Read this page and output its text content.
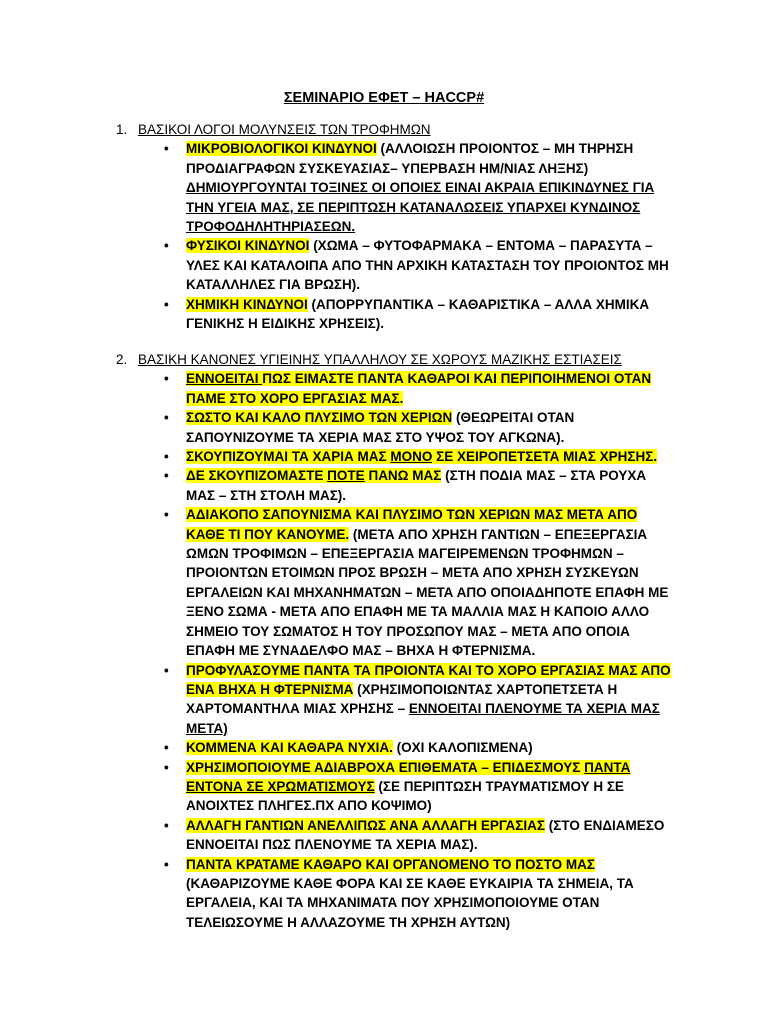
ΣΕΜΙΝΑΡΙΟ ΕΦΕΤ – HACCP#
1. ΒΑΣΙΚΟΙ ΛΟΓΟΙ ΜΟΛΥΝΣΕΙΣ ΤΩΝ ΤΡΟΦΗΜΩΝ
• ΜΙΚΡΟΒΙΟΛΟΓΙΚΟΙ ΚΙΝΔΥΝΟΙ (ΑΛΛΟΙΩΣΗ ΠΡΟΙΟΝΤΟΣ – ΜΗ ΤΗΡΗΣΗ ΠΡΟΔΙΑΓΡΑΦΩΝ ΣΥΣΚΕΥΑΣΙΑΣ– ΥΠΕΡΒΑΣΗ ΗΜ/ΝΙΑΣ ΛΗΞΗΣ) ΔΗΜΙΟΥΡΓΟΥΝΤΑΙ ΤΟΞΙΝΕΣ ΟΙ ΟΠΟΙΕΣ ΕΙΝΑΙ ΑΚΡΑΙΑ ΕΠΙΚΙΝΔΥΝΕΣ ΓΙΑ ΤΗΝ ΥΓΕΙΑ ΜΑΣ, ΣΕ ΠΕΡΙΠΤΩΣΗ ΚΑΤΑΝΑΛΩΣΕΙΣ ΥΠΑΡΧΕΙ ΚΥΝΔΙΝΟΣ ΤΡΟΦΟΔΗΛΗΤΗΡΙΑΣΕΩΝ.
• ΦΥΣΙΚΟΙ ΚΙΝΔΥΝΟΙ (ΧΩΜΑ – ΦΥΤΟΦΑΡΜΑΚΑ – ΕΝΤΟΜΑ – ΠΑΡΑΣΥΤΑ – ΥΛΕΣ ΚΑΙ ΚΑΤΑΛΟΙΠΑ ΑΠΟ ΤΗΝ ΑΡΧΙΚΗ ΚΑΤΑΣΤΑΣΗ ΤΟΥ ΠΡΟΙΟΝΤΟΣ ΜΗ ΚΑΤΑΛΛΗΛΕΣ ΓΙΑ ΒΡΩΣΗ).
• ΧΗΜΙΚΗ ΚΙΝΔΥΝΟΙ (ΑΠΟΡΡΥΠΑΝΤΙΚΑ – ΚΑΘΑΡΙΣΤΙΚΑ – ΑΛΛΑ ΧΗΜΙΚΑ ΓΕΝΙΚΗΣ Η ΕΙΔΙΚΗΣ ΧΡΗΣΕΙΣ).
2. ΒΑΣΙΚΗ ΚΑΝΟΝΕΣ ΥΓΙΕΙΝΗΣ ΥΠΑΛΛΗΛΟΥ ΣΕ ΧΩΡΟΥΣ ΜΑΖΙΚΗΣ ΕΣΤΙΑΣΕΙΣ
• ΕΝΝΟΕΙΤΑΙ ΠΩΣ ΕΙΜΑΣΤΕ ΠΑΝΤΑ ΚΑΘΑΡΟΙ ΚΑΙ ΠΕΡΙΠΟΙΗΜΕΝΟΙ ΟΤΑΝ ΠΑΜΕ ΣΤΟ ΧΟΡΟ ΕΡΓΑΣΙΑΣ ΜΑΣ.
• ΣΩΣΤΟ ΚΑΙ ΚΑΛΟ ΠΛΥΣΙΜΟ ΤΩΝ ΧΕΡΙΩΝ (ΘΕΩΡΕΙΤΑΙ ΟΤΑΝ ΣΑΠΟΥΝΙΖΟΥΜΕ ΤΑ ΧΕΡΙΑ ΜΑΣ ΣΤΟ ΥΨΟΣ ΤΟΥ ΑΓΚΩΝΑ).
• ΣΚΟΥΠΙΖΟΥΜΑΙ ΤΑ ΧΑΡΙΑ ΜΑΣ ΜΟΝΟ ΣΕ ΧΕΙΡΟΠΕΤΣΕΤΑ ΜΙΑΣ ΧΡΗΣΗΣ.
• ΔΕ ΣΚΟΥΠΙΖΟΜΑΣΤΕ ΠΟΤΕ ΠΑΝΩ ΜΑΣ (ΣΤΗ ΠΟΔΙΑ ΜΑΣ – ΣΤΑ ΡΟΥΧΑ ΜΑΣ – ΣΤΗ ΣΤΟΛΗ ΜΑΣ).
• ΑΔΙΑΚΟΠΟ ΣΑΠΟΥΝΙΣΜΑ ΚΑΙ ΠΛΥΣΙΜΟ ΤΩΝ ΧΕΡΙΩΝ ΜΑΣ ΜΕΤΑ ΑΠΟ ΚΑΘΕ ΤΙ ΠΟΥ ΚΑΝΟΥΜΕ. (ΜΕΤΑ ΑΠΟ ΧΡΗΣΗ ΓΑΝΤΙΩΝ – ΕΠΕΞΕΡΓΑΣΙΑ ΩΜΩΝ ΤΡΟΦΙΜΩΝ – ΕΠΕΞΕΡΓΑΣΙΑ ΜΑΓΕΙΡΕΜΕΝΩΝ ΤΡΟΦΗΜΩΝ – ΠΡΟΙΟΝΤΩΝ ΕΤΟΙΜΩΝ ΠΡΟΣ ΒΡΩΣΗ – ΜΕΤΑ ΑΠΟ ΧΡΗΣΗ ΣΥΣΚΕΥΩΝ ΕΡΓΑΛΕΙΩΝ ΚΑΙ ΜΗΧΑΝΗΜΑΤΩΝ – ΜΕΤΑ ΑΠΟ ΟΠΟΙΑΔΗΠΟΤΕ ΕΠΑΦΗ ΜΕ ΞΕΝΟ ΣΩΜΑ - ΜΕΤΑ ΑΠΟ ΕΠΑΦΗ ΜΕ ΤΑ ΜΑΛΛΙΑ ΜΑΣ Η ΚΑΠΟΙΟ ΑΛΛΟ ΣΗΜΕΙΟ ΤΟΥ ΣΩΜΑΤΟΣ Η ΤΟΥ ΠΡΟΣΩΠΟΥ ΜΑΣ – ΜΕΤΑ ΑΠΟ ΟΠΟΙΑ ΕΠΑΦΗ ΜΕ ΣΥΝΑΔΕΛΦΟ ΜΑΣ – ΒΗΧΑ Η ΦΤΕΡΝΙΣΜΑ.
• ΠΡΟΦΥΛΑΣΟΥΜΕ ΠΑΝΤΑ ΤΑ ΠΡΟΙΟΝΤΑ ΚΑΙ ΤΟ ΧΟΡΟ ΕΡΓΑΣΙΑΣ ΜΑΣ ΑΠΟ ΕΝΑ ΒΗΧΑ Η ΦΤΕΡΝΙΣΜΑ (ΧΡΗΣΙΜΟΠΟΙΩΝΤΑΣ ΧΑΡΤΟΠΕΤΣΕΤΑ Η ΧΑΡΤΟΜΑΝΤΗΛΑ ΜΙΑΣ ΧΡΗΣΗΣ – ΕΝΝΟΕΙΤΑΙ ΠΛΕΝΟΥΜΕ ΤΑ ΧΕΡΙΑ ΜΑΣ ΜΕΤΑ)
• ΚΟΜΜΕΝΑ ΚΑΙ ΚΑΘΑΡΑ ΝΥΧΙΑ. (ΟΧΙ ΚΑΛΟΠΙΣΜΕΝΑ)
• ΧΡΗΣΙΜΟΠΟΙΟΥΜΕ ΑΔΙΑΒΡΟΧΑ ΕΠΙΘΕΜΑΤΑ – ΕΠΙΔΕΣΜΟΥΣ ΠΑΝΤΑ ΕΝΤΟΝΑ ΣΕ ΧΡΩΜΑΤΙΣΜΟΥΣ (ΣΕ ΠΕΡΙΠΤΩΣΗ ΤΡΑΥΜΑΤΙΣΜΟΥ Η ΣΕ ΑΝΟΙΧΤΕΣ ΠΛΗΓΕΣ.ΠΧ ΑΠΟ ΚΟΨΙΜΟ)
• ΑΛΛΑΓΗ ΓΑΝΤΙΩΝ ΑΝΕΛΛΙΠΩΣ ΑΝΑ ΑΛΛΑΓΗ ΕΡΓΑΣΙΑΣ (ΣΤΟ ΕΝΔΙΑΜΕΣΟ ΕΝΝΟΕΙΤΑΙ ΠΩΣ ΠΛΕΝΟΥΜΕ ΤΑ ΧΕΡΙΑ ΜΑΣ).
• ΠΑΝΤΑ ΚΡΑΤΑΜΕ ΚΑΘΑΡΟ ΚΑΙ ΟΡΓΑΝΟΜΕΝΟ ΤΟ ΠΟΣΤΟ ΜΑΣ (ΚΑΘΑΡΙΖΟΥΜΕ ΚΑΘΕ ΦΟΡΑ ΚΑΙ ΣΕ ΚΑΘΕ ΕΥΚΑΙΡΙΑ ΤΑ ΣΗΜΕΙΑ, ΤΑ ΕΡΓΑΛΕΙΑ, ΚΑΙ ΤΑ ΜΗΧΑΝΙΜΑΤΑ ΠΟΥ ΧΡΗΣΙΜΟΠΟΙΟΥΜΕ ΟΤΑΝ ΤΕΛΕΙΩΣΟΥΜΕ Η ΑΛΛΑΖΟΥΜΕ ΤΗ ΧΡΗΣΗ ΑΥΤΩΝ)
